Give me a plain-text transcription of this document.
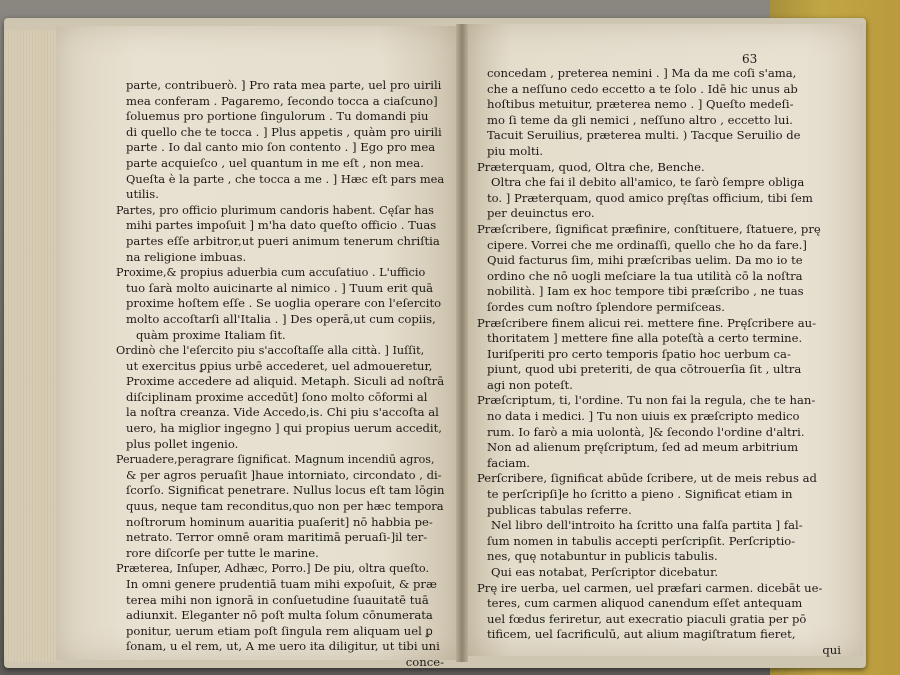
63
parte, contribuerò. ] Pro rata mea parte, uel pro uirili
mea conferam . Pagaremo, ſecondo tocca a ciaſcuno]
ſoluemus pro portione ſingulorum . Tu domandi piu
di quello che te tocca . ] Plus appetis , quàm pro uirili
parte . Io dal canto mio ſon contento . ] Ego pro mea
parte acquieſco , uel quantum in me eſt , non mea.
Queſta è la parte , che tocca a me . ] Hæc eſt pars mea
utilis.
Partes, pro officio plurimum candoris habent. Cęſar has
mihi partes impoſuit ] m'ha dato queſto officio . Tuas
partes eſſe arbitror,ut pueri animum tenerum chriſtia
na religione imbuas.
Proxime,& propius aduerbia cum accuſatiuo . L'ufficio
tuo ſarà molto auicinarte al nimico . ] Tuum erit quā
proxime hoſtem eſſe . Se uoglia operare con l'eſercito
molto accoſtarſi all'Italia . ] Des operā,ut cum copiis,
quàm proxime Italiam ſit.
Ordinò che l'eſercito piu s'accoſtaſſe alla città. ] Iuſſit,
ut exercitus ꝑpius urbē accederet, uel admoueretur,
Proxime accedere ad aliquid. Metaph. Siculi ad noſtrā
diſciplinam proxime accedūt] ſono molto cōformi al
la noſtra creanza. Vide Accedo,is. Chi piu s'accoſta al
uero, ha miglior ingegno ] qui propius uerum accedit,
plus pollet ingenio.
Peruadere,peragrare ſignificat. Magnum incendiū agros,
& per agros peruaſit ]haue intorniato, circondato , di-
ſcorſo. Significat penetrare. Nullus locus eſt tam lōgin
quus, neque tam reconditus,quo non per hæc tempora
noſtrorum hominum auaritia puaſerit] nō habbia pe-
netrato. Terror omnē oram maritimā peruaſi-]il ter-
rore diſcorſe per tutte le marine.
Præterea, Inſuper, Adhæc, Porro.] De piu, oltra queſto.
In omni genere prudentiā tuam mihi expoſuit, & præ
terea mihi non ignorā in conſuetudine ſuauitatē tuā
adiunxit. Eleganter nō poſt multa ſolum cōnumerata
ponitur, uerum etiam poſt ſingula rem aliquam uel ꝑ
ſonam, u el rem, ut, A me uero ita diligitur, ut tibi uni
conce-
concedam , preterea nemini . ] Ma da me coſi s'ama,
che a neſſuno cedo eccetto a te ſolo . Idē hic unus ab
hoſtibus metuitur, præterea nemo . ] Queſto medeſi-
mo ſi teme da gli nemici , neſſuno altro , eccetto lui.
Tacuit Seruilius, præterea multi. ) Tacque Seruilio de
piu molti.
Præterquam, quod, Oltra che, Benche.
Oltra che fai il debito all'amico, te ſarò ſempre obliga
to. ] Præterquam, quod amico pręſtas officium, tibi ſem
per deuinctus ero.
Præſcribere, ſignificat præfinire, conſtituere, ſtatuere, prę
cipere. Vorrei che me ordinaſſi, quello che ho da fare.]
Quid facturus ſim, mihi præſcribas uelim. Da mo io te
ordino che nō uogli meſciare la tua utilità cō la noſtra
nobilità. ] Iam ex hoc tempore tibi præſcribo , ne tuas
ſordes cum noſtro ſplendore permiſceas.
Præſcribere finem alicui rei. mettere fine. Pręſcribere au-
thoritatem ] mettere fine alla poteſtà a certo termine.
Iuriſperiti pro certo temporis ſpatio hoc uerbum ca-
piunt, quod ubi preteriti, de qua cōtrouerſia ſit , ultra
agi non poteſt.
Præſcriptum, ti, l'ordine. Tu non fai la regula, che te han-
no data i medici. ] Tu non uiuis ex præſcripto medico
rum. Io farò a mia uolontà, ]& ſecondo l'ordine d'altri.
Non ad alienum pręſcriptum, ſed ad meum arbitrium
faciam.
Perſcribere, ſignificat abūde ſcribere, ut de meis rebus ad
te perſcripſi]e ho ſcritto a pieno . Significat etiam in
publicas tabulas referre.
Nel libro dell'introito ha ſcritto una falſa partita ] fal-
ſum nomen in tabulis accepti perſcripſit. Perſcriptio-
nes, quę notabuntur in publicis tabulis.
Qui eas notabat, Perſcriptor dicebatur.
Prę ire uerba, uel carmen, uel præfari carmen. dicebāt ue-
teres, cum carmen aliquod canendum eſſet antequam
uel fœdus feriretur, aut execratio piaculi gratia per pō
tificem, uel ſacrificulū, aut alium magiſtratum fieret,
qui
